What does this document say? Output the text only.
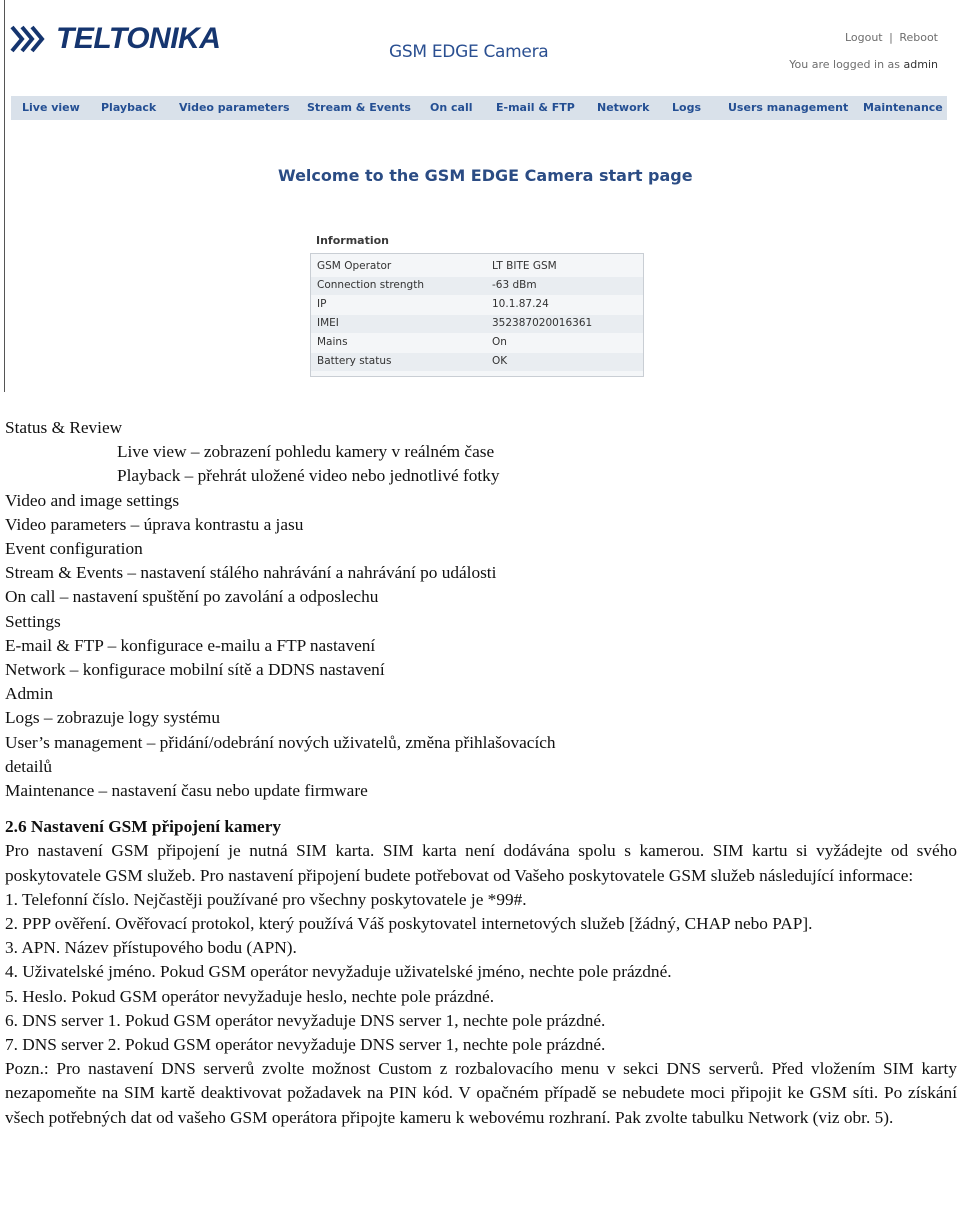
TELTONIKA	GSM EDGE Camera
Logout | Reboot
You are logged in as admin
Live view Playback Video parameters Stream & Events On call E-mail & FTP Network Logs Users management Maintenance
Welcome to the GSM EDGE Camera start page
Information
GSM Operator	LT BITE GSM
Connection strength	-63 dBm
IP	10.1.87.24
IMEI	352387020016361
Mains	On
Battery status	OK
Status & Review
Live view – zobrazení pohledu kamery v reálném čase
Playback – přehrát uložené video nebo jednotlivé fotky
Video and image settings
Video parameters – úprava kontrastu a jasu
Event configuration
Stream & Events – nastavení stálého nahrávání a nahrávání po události
On call – nastavení spuštění po zavolání a odposlechu
Settings
E-mail & FTP – konfigurace e-mailu a FTP nastavení
Network – konfigurace mobilní sítě a DDNS nastavení
Admin
Logs – zobrazuje logy systému
User’s management – přidání/odebrání nových uživatelů, změna přihlašovacích
detailů
Maintenance – nastavení času nebo update firmware
2.6 Nastavení GSM připojení kamery
Pro nastavení GSM připojení je nutná SIM karta. SIM karta není dodávána spolu s kamerou. SIM kartu si vyžádejte od svého poskytovatele GSM služeb. Pro nastavení připojení budete potřebovat od Vašeho poskytovatele GSM služeb následující informace:
1. Telefonní číslo. Nejčastěji používané pro všechny poskytovatele je *99#.
2. PPP ověření. Ověřovací protokol, který používá Váš poskytovatel internetových služeb [žádný, CHAP nebo PAP].
3. APN. Název přístupového bodu (APN).
4. Uživatelské jméno. Pokud GSM operátor nevyžaduje uživatelské jméno, nechte pole prázdné.
5. Heslo. Pokud GSM operátor nevyžaduje heslo, nechte pole prázdné.
6. DNS server 1. Pokud GSM operátor nevyžaduje DNS server 1, nechte pole prázdné.
7. DNS server 2. Pokud GSM operátor nevyžaduje DNS server 1, nechte pole prázdné.
Pozn.: Pro nastavení DNS serverů zvolte možnost Custom z rozbalovacího menu v sekci DNS serverů. Před vložením SIM karty nezapomeňte na SIM kartě deaktivovat požadavek na PIN kód. V opačném případě se nebudete moci připojit ke GSM síti. Po získání všech potřebných dat od vašeho GSM operátora připojte kameru k webovému rozhraní. Pak zvolte tabulku Network (viz obr. 5).
